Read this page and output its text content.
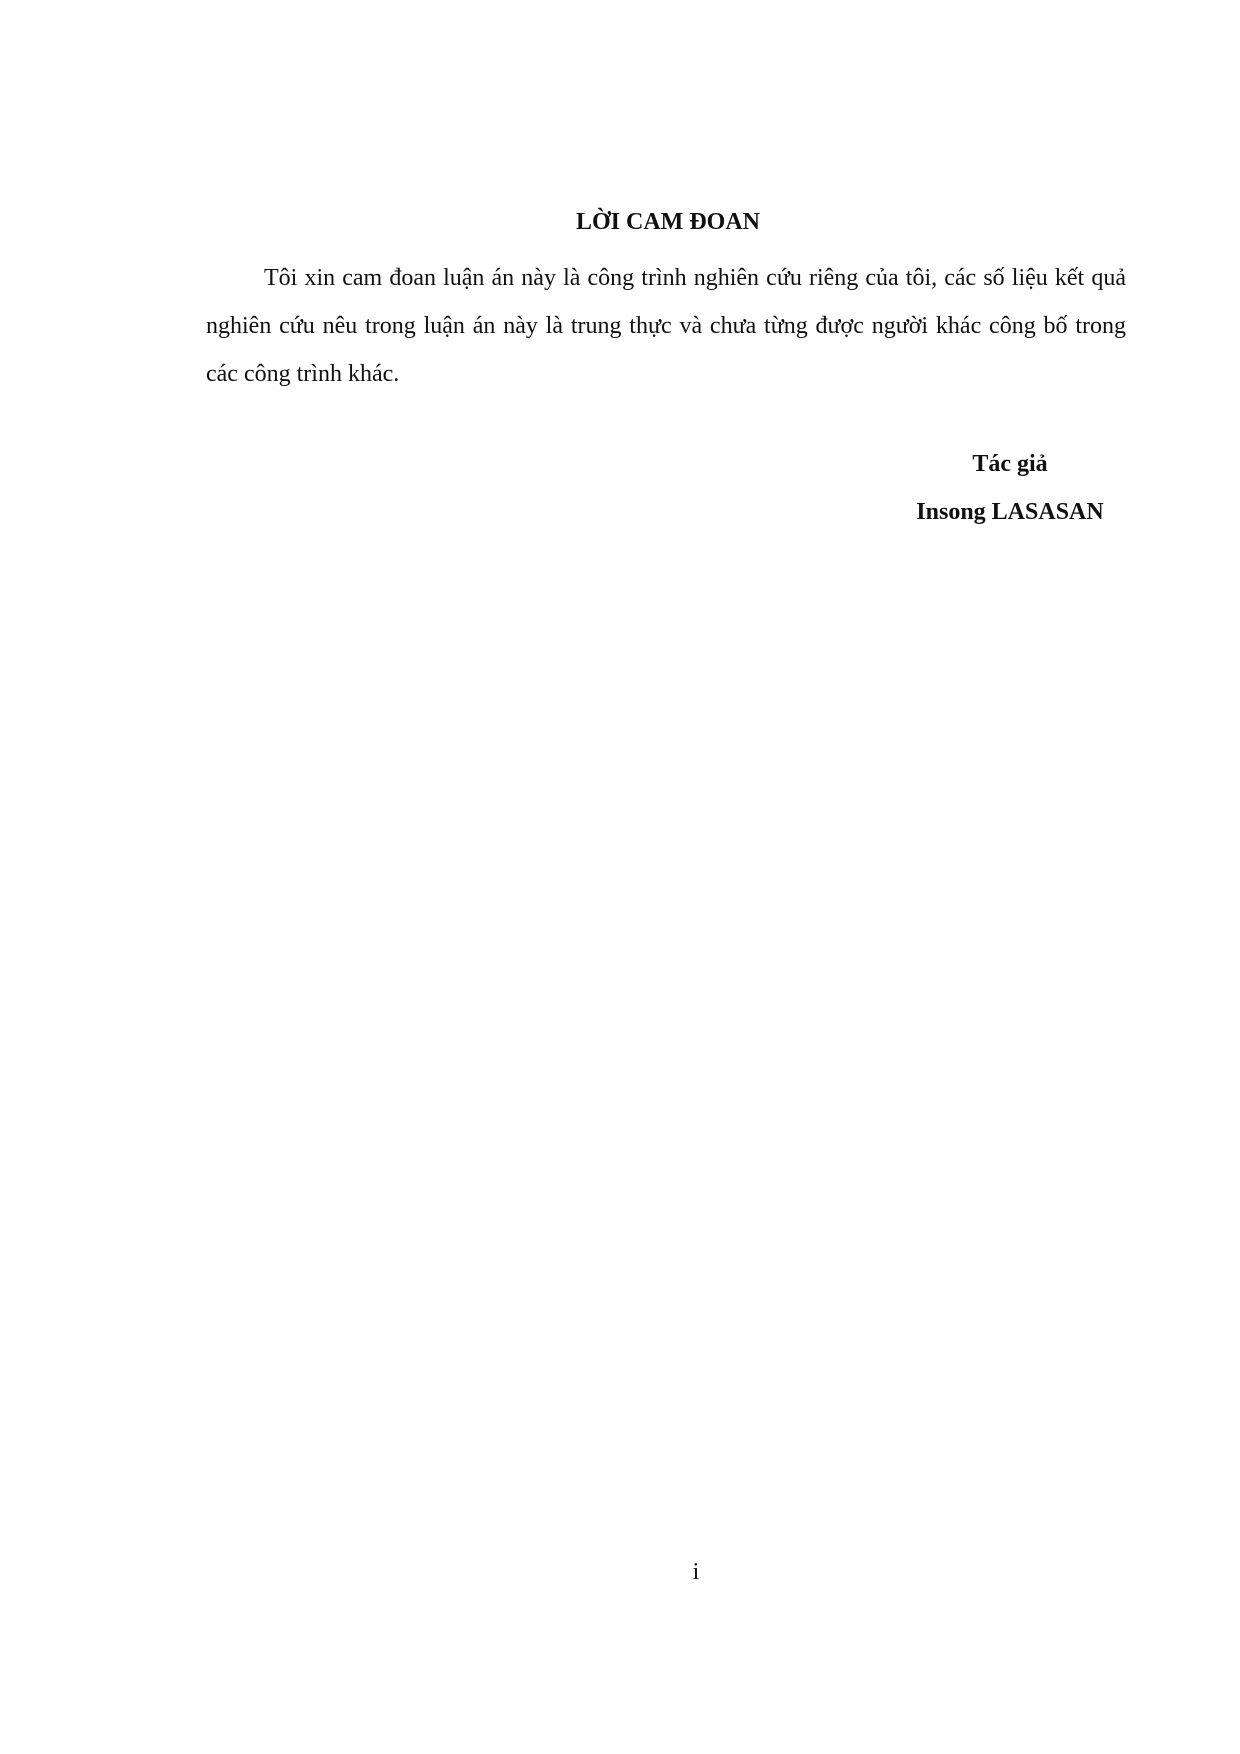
LỜI CAM ĐOAN

Tôi xin cam đoan luận án này là công trình nghiên cứu riêng của tôi, các số liệu kết quả nghiên cứu nêu trong luận án này là trung thực và chưa từng được người khác công bố trong các công trình khác.

Tác giả
Insong LASASAN
i
